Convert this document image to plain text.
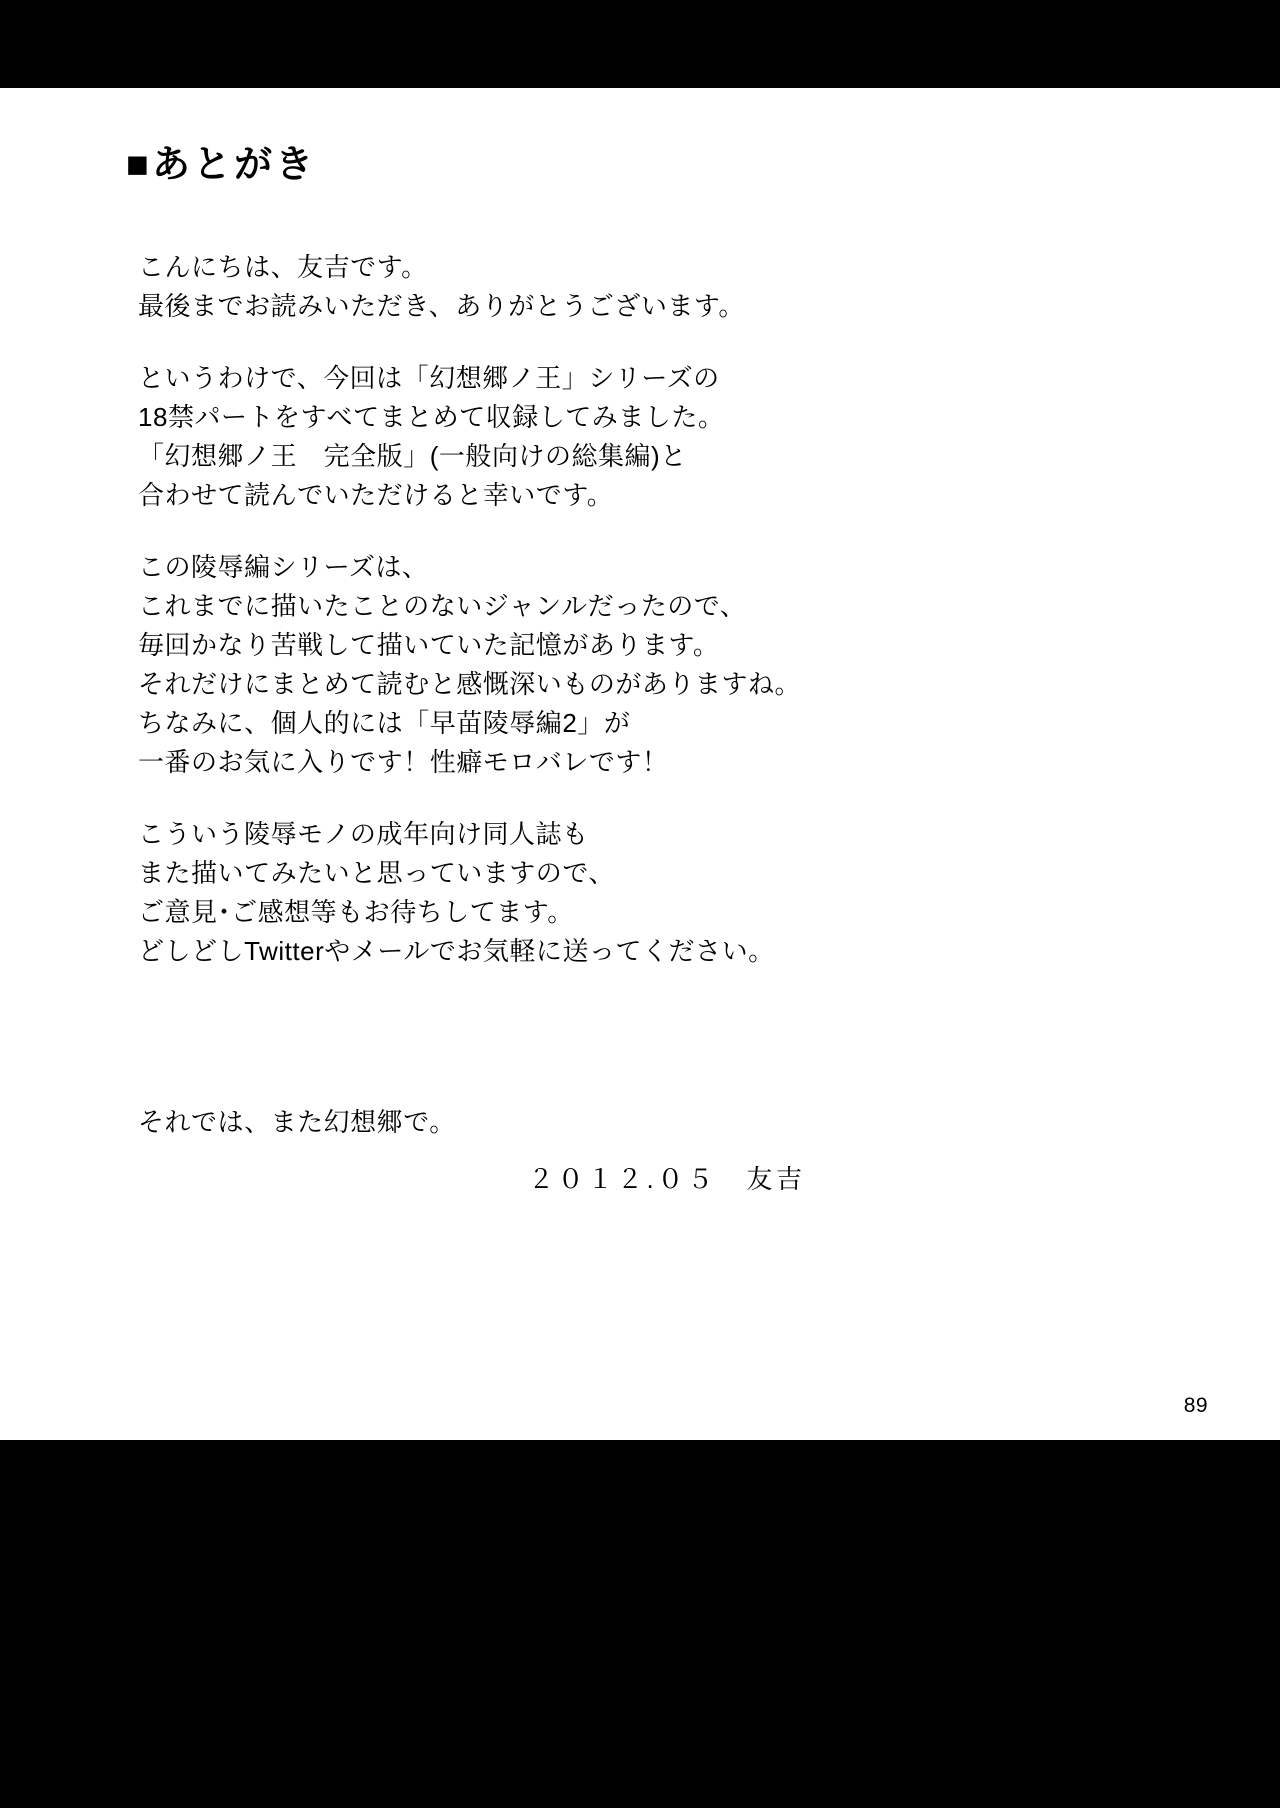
■あとがき

こんにちは、友吉です。
最後までお読みいただき、ありがとうございます。

というわけで、今回は「幻想郷ノ王」シリーズの
18禁パートをすべてまとめて収録してみました。
「幻想郷ノ王　完全版」(一般向けの総集編)と
合わせて読んでいただけると幸いです。

この陵辱編シリーズは、
これまでに描いたことのないジャンルだったので、
毎回かなり苦戦して描いていた記憶があります。
それだけにまとめて読むと感慨深いものがありますね。
ちなみに、個人的には「早苗陵辱編2」が
一番のお気に入りです！性癖モロバレです！

こういう陵辱モノの成年向け同人誌も
また描いてみたいと思っていますので、
ご意見･ご感想等もお待ちしてます。
どしどしTwitterやメールでお気軽に送ってください。

それでは、また幻想郷で。
２０１２.０５　友吉
89
